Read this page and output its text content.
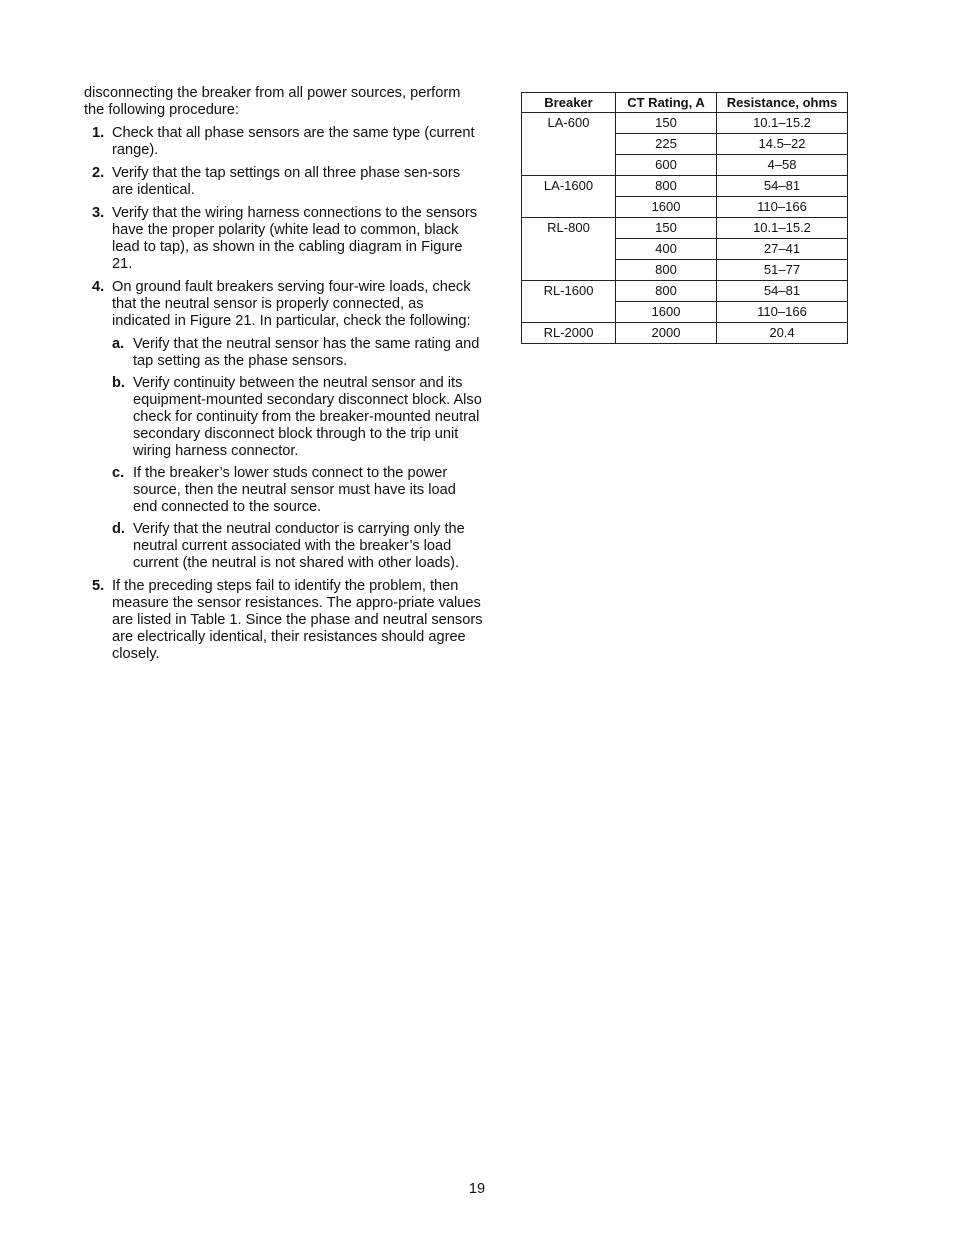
disconnecting the breaker from all power sources, perform the following procedure:

1. Check that all phase sensors are the same type (current range).
2. Verify that the tap settings on all three phase sen-sors are identical.
3. Verify that the wiring harness connections to the sensors have the proper polarity (white lead to common, black lead to tap), as shown in the cabling diagram in Figure 21.
4. On ground fault breakers serving four-wire loads, check that the neutral sensor is properly connected, as indicated in Figure 21. In particular, check the following:
a. Verify that the neutral sensor has the same rating and tap setting as the phase sensors.
b. Verify continuity between the neutral sensor and its equipment-mounted secondary disconnect block. Also check for continuity from the breaker-mounted neutral secondary disconnect block through to the trip unit wiring harness connector.
c. If the breaker’s lower studs connect to the power source, then the neutral sensor must have its load end connected to the source.
d. Verify that the neutral conductor is carrying only the neutral current associated with the breaker’s load current (the neutral is not shared with other loads).
5. If the preceding steps fail to identify the problem, then measure the sensor resistances. The appro-priate values are listed in Table 1. Since the phase and neutral sensors are electrically identical, their resistances should agree closely.
Breaker	CT Rating, A	Resistance, ohms
LA-600	150	10.1–15.2
	225	14.5–22
	600	4–58
LA-1600	800	54–81
	1600	110–166
RL-800	150	10.1–15.2
	400	27–41
	800	51–77
RL-1600	800	54–81
	1600	110–166
RL-2000	2000	20.4
19
